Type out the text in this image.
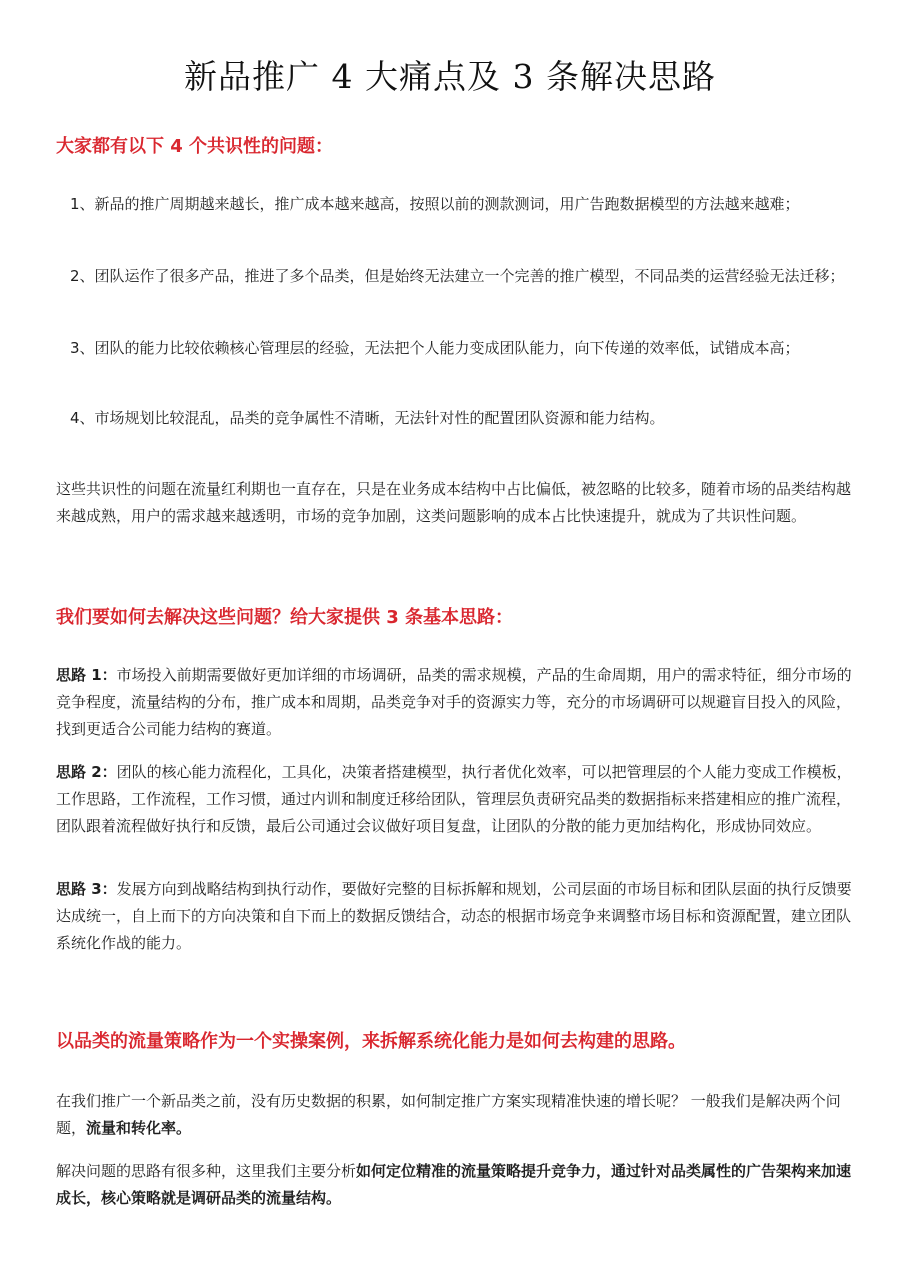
新品推广 4 大痛点及 3 条解决思路
大家都有以下 4 个共识性的问题：

1、新品的推广周期越来越长，推广成本越来越高，按照以前的测款测词，用广告跑数据模型的方法越来越难；

2、团队运作了很多产品，推进了多个品类，但是始终无法建立一个完善的推广模型，不同品类的运营经验无法迁移；

3、团队的能力比较依赖核心管理层的经验，无法把个人能力变成团队能力，向下传递的效率低，试错成本高；

4、市场规划比较混乱，品类的竞争属性不清晰，无法针对性的配置团队资源和能力结构。

这些共识性的问题在流量红利期也一直存在，只是在业务成本结构中占比偏低，被忽略的比较多，随着市场的品类结构越来越成熟，用户的需求越来越透明，市场的竞争加剧，这类问题影响的成本占比快速提升，就成为了共识性问题。

我们要如何去解决这些问题？给大家提供 3 条基本思路：

思路 1：市场投入前期需要做好更加详细的市场调研，品类的需求规模，产品的生命周期，用户的需求特征，细分市场的竞争程度，流量结构的分布，推广成本和周期，品类竞争对手的资源实力等，充分的市场调研可以规避盲目投入的风险，找到更适合公司能力结构的赛道。

思路 2：团队的核心能力流程化，工具化，决策者搭建模型，执行者优化效率，可以把管理层的个人能力变成工作模板，工作思路，工作流程，工作习惯，通过内训和制度迁移给团队，管理层负责研究品类的数据指标来搭建相应的推广流程，团队跟着流程做好执行和反馈，最后公司通过会议做好项目复盘，让团队的分散的能力更加结构化，形成协同效应。

思路 3：发展方向到战略结构到执行动作，要做好完整的目标拆解和规划，公司层面的市场目标和团队层面的执行反馈要达成统一，自上而下的方向决策和自下而上的数据反馈结合，动态的根据市场竞争来调整市场目标和资源配置，建立团队系统化作战的能力。

以品类的流量策略作为一个实操案例，来拆解系统化能力是如何去构建的思路。

在我们推广一个新品类之前，没有历史数据的积累，如何制定推广方案实现精准快速的增长呢？ 一般我们是解决两个问题，流量和转化率。

解决问题的思路有很多种，这里我们主要分析如何定位精准的流量策略提升竞争力，通过针对品类属性的广告架构来加速成长，核心策略就是调研品类的流量结构。
